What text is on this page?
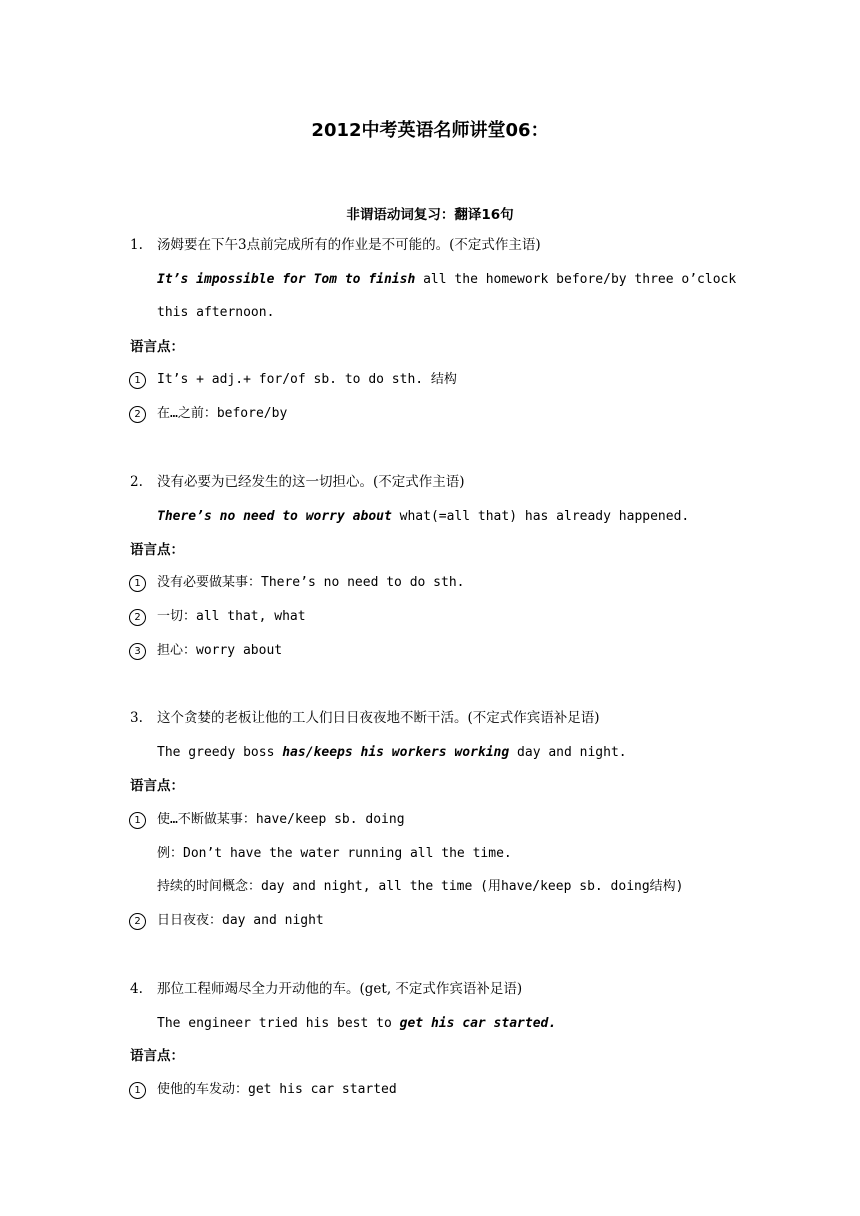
2012中考英语名师讲堂06：
非谓语动词复习：翻译16句
1. 汤姆要在下午3点前完成所有的作业是不可能的。(不定式作主语)
It’s impossible for Tom to finish all the homework before/by three o’clock
this afternoon.
语言点：
1	It’s + adj.+ for/of sb. to do sth. 结构
2	在…之前：before/by
2. 没有必要为已经发生的这一切担心。(不定式作主语)
There’s no need to worry about what(=all that) has already happened.
语言点：
1	没有必要做某事：There’s no need to do sth.
2	一切：all that, what
3	担心：worry about
3. 这个贪婪的老板让他的工人们日日夜夜地不断干活。(不定式作宾语补足语)
The greedy boss has/keeps his workers working day and night.
语言点：
1	使…不断做某事：have/keep sb. doing
例：Don’t have the water running all the time.
持续的时间概念：day and night, all the time (用have/keep sb. doing结构)
2	日日夜夜：day and night
4. 那位工程师竭尽全力开动他的车。(get, 不定式作宾语补足语)
The engineer tried his best to get his car started.
语言点：
1	使他的车发动：get his car started
